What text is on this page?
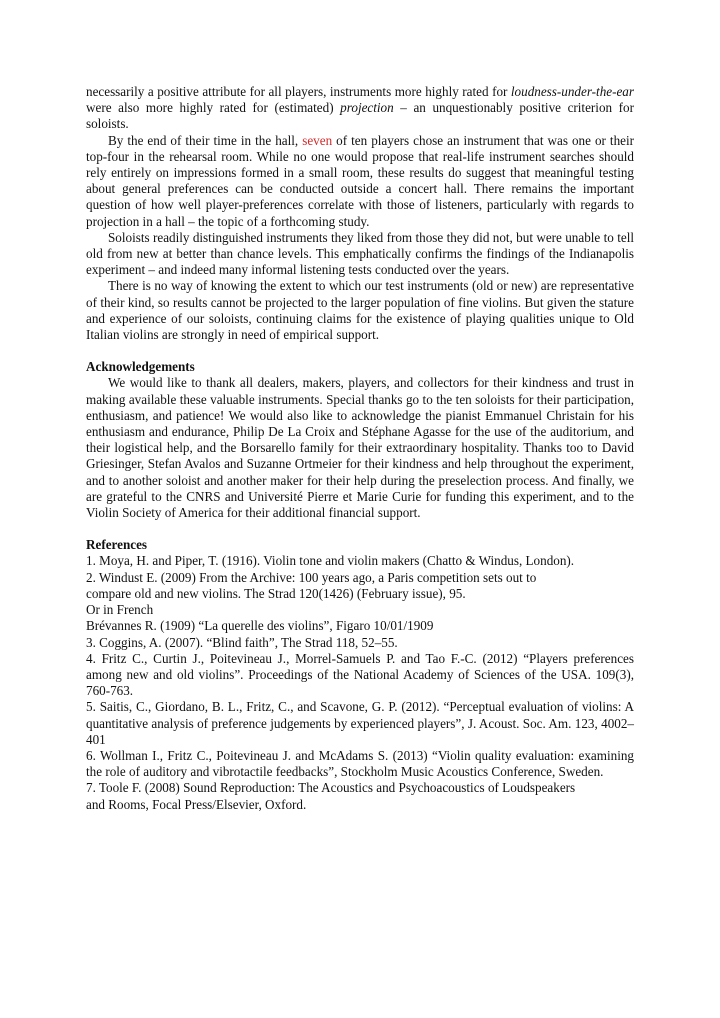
necessarily a positive attribute for all players, instruments more highly rated for loudness-under-the-ear were also more highly rated for (estimated) projection – an unquestionably positive criterion for soloists.

By the end of their time in the hall, seven of ten players chose an instrument that was one or their top-four in the rehearsal room. While no one would propose that real-life instrument searches should rely entirely on impressions formed in a small room, these results do suggest that meaningful testing about general preferences can be conducted outside a concert hall. There remains the important question of how well player-preferences correlate with those of listeners, particularly with regards to projection in a hall – the topic of a forthcoming study.

Soloists readily distinguished instruments they liked from those they did not, but were unable to tell old from new at better than chance levels. This emphatically confirms the findings of the Indianapolis experiment – and indeed many informal listening tests conducted over the years.

There is no way of knowing the extent to which our test instruments (old or new) are representative of their kind, so results cannot be projected to the larger population of fine violins. But given the stature and experience of our soloists, continuing claims for the existence of playing qualities unique to Old Italian violins are strongly in need of empirical support.

Acknowledgements

We would like to thank all dealers, makers, players, and collectors for their kindness and trust in making available these valuable instruments. Special thanks go to the ten soloists for their participation, enthusiasm, and patience! We would also like to acknowledge the pianist Emmanuel Christain for his enthusiasm and endurance, Philip De La Croix and Stéphane Agasse for the use of the auditorium, and their logistical help, and the Borsarello family for their extraordinary hospitality. Thanks too to David Griesinger, Stefan Avalos and Suzanne Ortmeier for their kindness and help throughout the experiment, and to another soloist and another maker for their help during the preselection process. And finally, we are grateful to the CNRS and Université Pierre et Marie Curie for funding this experiment, and to the Violin Society of America for their additional financial support.

References

1. Moya, H. and Piper, T. (1916). Violin tone and violin makers (Chatto & Windus, London).

2. Windust E. (2009) From the Archive: 100 years ago, a Paris competition sets out to

compare old and new violins. The Strad 120(1426) (February issue), 95.

Or in French

Brévannes R. (1909) “La querelle des violins”, Figaro 10/01/1909

3. Coggins, A. (2007). “Blind faith”, The Strad 118, 52–55.

4. Fritz C., Curtin J., Poitevineau J., Morrel-Samuels P. and Tao F.-C. (2012) “Players preferences among new and old violins”. Proceedings of the National Academy of Sciences of the USA. 109(3), 760-763.

5. Saitis, C., Giordano, B. L., Fritz, C., and Scavone, G. P. (2012). “Perceptual evaluation of violins: A quantitative analysis of preference judgements by experienced players”, J. Acoust. Soc. Am. 123, 4002–401

6. Wollman I., Fritz C., Poitevineau J. and McAdams S. (2013) “Violin quality evaluation: examining the role of auditory and vibrotactile feedbacks”, Stockholm Music Acoustics Conference, Sweden.

7. Toole F. (2008) Sound Reproduction: The Acoustics and Psychoacoustics of Loudspeakers

and Rooms, Focal Press/Elsevier, Oxford.
